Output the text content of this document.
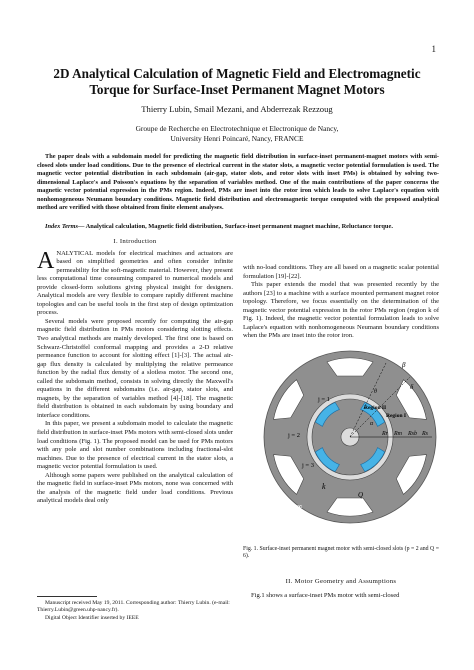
1
2D Analytical Calculation of Magnetic Field and Electromagnetic
Torque for Surface-Inset Permanent Magnet Motors
Thierry Lubin, Smail Mezani, and Abderrezak Rezzoug
Groupe de Recherche en Electrotechnique et Electronique de Nancy,
University Henri Poincaré, Nancy, FRANCE
The paper deals with a subdomain model for predicting the magnetic field distribution in surface-inset permanent-magnet motors with semi-closed slots under load conditions. Due to the presence of electrical current in the stator slots, a magnetic vector potential formulation is used. The magnetic vector potential distribution in each subdomain (air-gap, stator slots, and rotor slots with inset PMs) is obtained by solving two-dimensional Laplace's and Poisson's equations by the separation of variables method. One of the main contributions of the paper concerns the magnetic vector potential expression in the PMs region. Indeed, PMs are inset into the rotor iron which leads to solve Laplace's equation with nonhomogeneous Neumann boundary conditions. Magnetic field distribution and electromagnetic torque computed with the proposed analytical method are verified with those obtained from finite element analyses.
Index Terms— Analytical calculation, Magnetic field distribution, Surface-inset permanent magnet machine, Reluctance torque.
I. Introduction

ANALYTICAL models for electrical machines and actuators are based on simplified geometries and often consider infinite permeability for the soft-magnetic material. However, they present less computational time consuming compared to numerical models and provide closed-form solutions giving physical insight for designers. Analytical models are very flexible to compare rapidly different machine topologies and can be useful tools in the first step of design optimization process.

Several models were proposed recently for computing the air-gap magnetic field distribution in PMs motors considering slotting effects. Two analytical methods are mainly developed. The first one is based on Schwarz-Christoffel conformal mapping and provides a 2-D relative permeance function to account for slotting effect [1]-[3]. The actual air-gap flux density is calculated by multiplying the relative permeance function by the radial flux density of a slotless motor. The second one, called the subdomain method, consists in solving directly the Maxwell's equations in the different subdomains (i.e. air-gap, stator slots, and magnets, by the separation of variables method [4]-[18]. The magnetic field distribution is obtained in each subdomain by using boundary and interface conditions.

In this paper, we present a subdomain model to calculate the magnetic field distribution in surface-inset PMs motors with semi-closed slots under load conditions (Fig. 1). The proposed model can be used for PMs motors with any pole and slot number combinations including fractional-slot machines. Due to the presence of electrical current in the stator slots, a magnetic vector potential formulation is used.

Although some papers were published on the analytical calculation of the magnetic field in surface-inset PMs motors, none was concerned with the analysis of the magnetic field under load conditions. Previous analytical models deal only

Manuscript received May 19, 2011. Corresponding author: Thierry Lubin. (e-mail: Thierry.Lubin@green.uhp-nancy.fr).

Digital Object Identifier inserted by IEEE

with no-load conditions. They are all based on a magnetic scalar potential formulation [19]-[22].

This paper extends the model that was presented recently by the authors [23] to a machine with a surface mounted permanent magnet rotor topology. Therefore, we focus essentially on the determination of the magnetic vector potential expression in the rotor PMs region (region k of Fig. 1). Indeed, the magnetic vector potential formulation leads to solve Laplace's equation with nonhomogeneous Neumann boundary conditions when the PMs are inset into the rotor iron.

μ = ∞
j = 1
j = 2
j = 3
Region II
Region I
k
Q
μ = ∞
Rs
Rsb
Rm
Rr
β
δ
α
θ
Fig. 1. Surface-inset permanent magnet motor with semi-closed slots (p = 2 and Q = 6).
II. Motor Geometry and Assumptions
Fig.1 shows a surface-inset PMs motor with semi-closed
